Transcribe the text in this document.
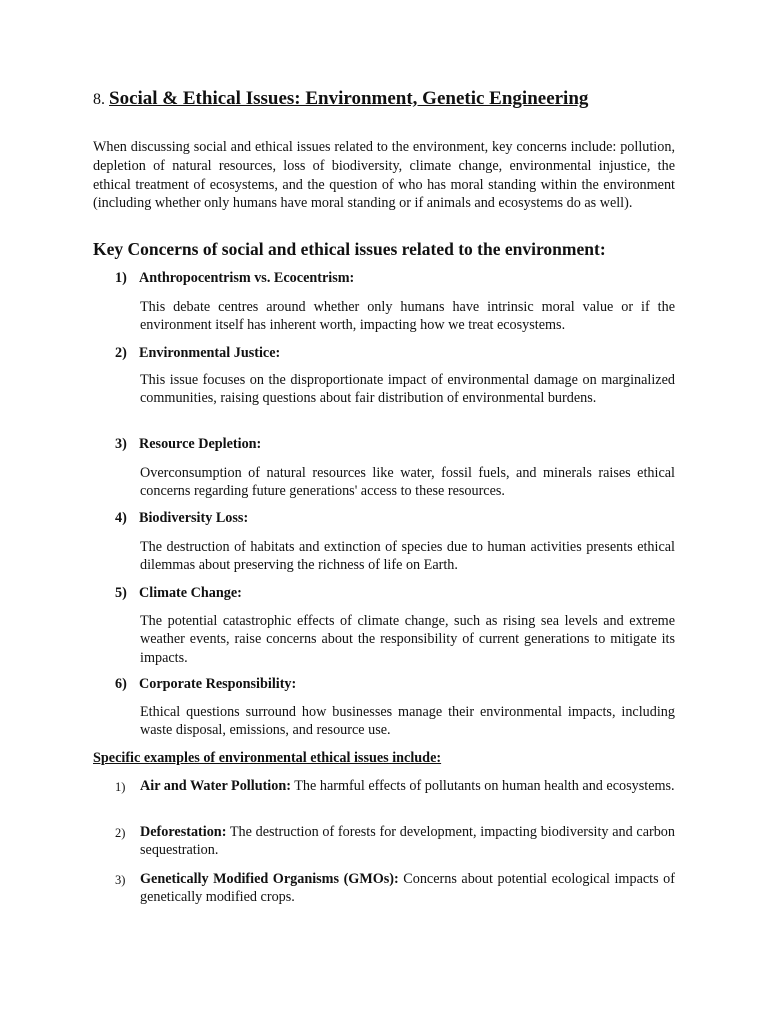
8. Social & Ethical Issues: Environment, Genetic Engineering

When discussing social and ethical issues related to the environment, key concerns include: pollution, depletion of natural resources, loss of biodiversity, climate change, environmental injustice, the ethical treatment of ecosystems, and the question of who has moral standing within the environment (including whether only humans have moral standing or if animals and ecosystems do as well).

Key Concerns of social and ethical issues related to the environment:
1) Anthropocentrism vs. Ecocentrism:
This debate centres around whether only humans have intrinsic moral value or if the environment itself has inherent worth, impacting how we treat ecosystems.
2) Environmental Justice:
This issue focuses on the disproportionate impact of environmental damage on marginalized communities, raising questions about fair distribution of environmental burdens.
3) Resource Depletion:
Overconsumption of natural resources like water, fossil fuels, and minerals raises ethical concerns regarding future generations' access to these resources.
4) Biodiversity Loss:
The destruction of habitats and extinction of species due to human activities presents ethical dilemmas about preserving the richness of life on Earth.
5) Climate Change:
The potential catastrophic effects of climate change, such as rising sea levels and extreme weather events, raise concerns about the responsibility of current generations to mitigate its impacts.
6) Corporate Responsibility:
Ethical questions surround how businesses manage their environmental impacts, including waste disposal, emissions, and resource use.
Specific examples of environmental ethical issues include:
1) Air and Water Pollution: The harmful effects of pollutants on human health and ecosystems.
2) Deforestation: The destruction of forests for development, impacting biodiversity and carbon sequestration.
3) Genetically Modified Organisms (GMOs): Concerns about potential ecological impacts of genetically modified crops.
